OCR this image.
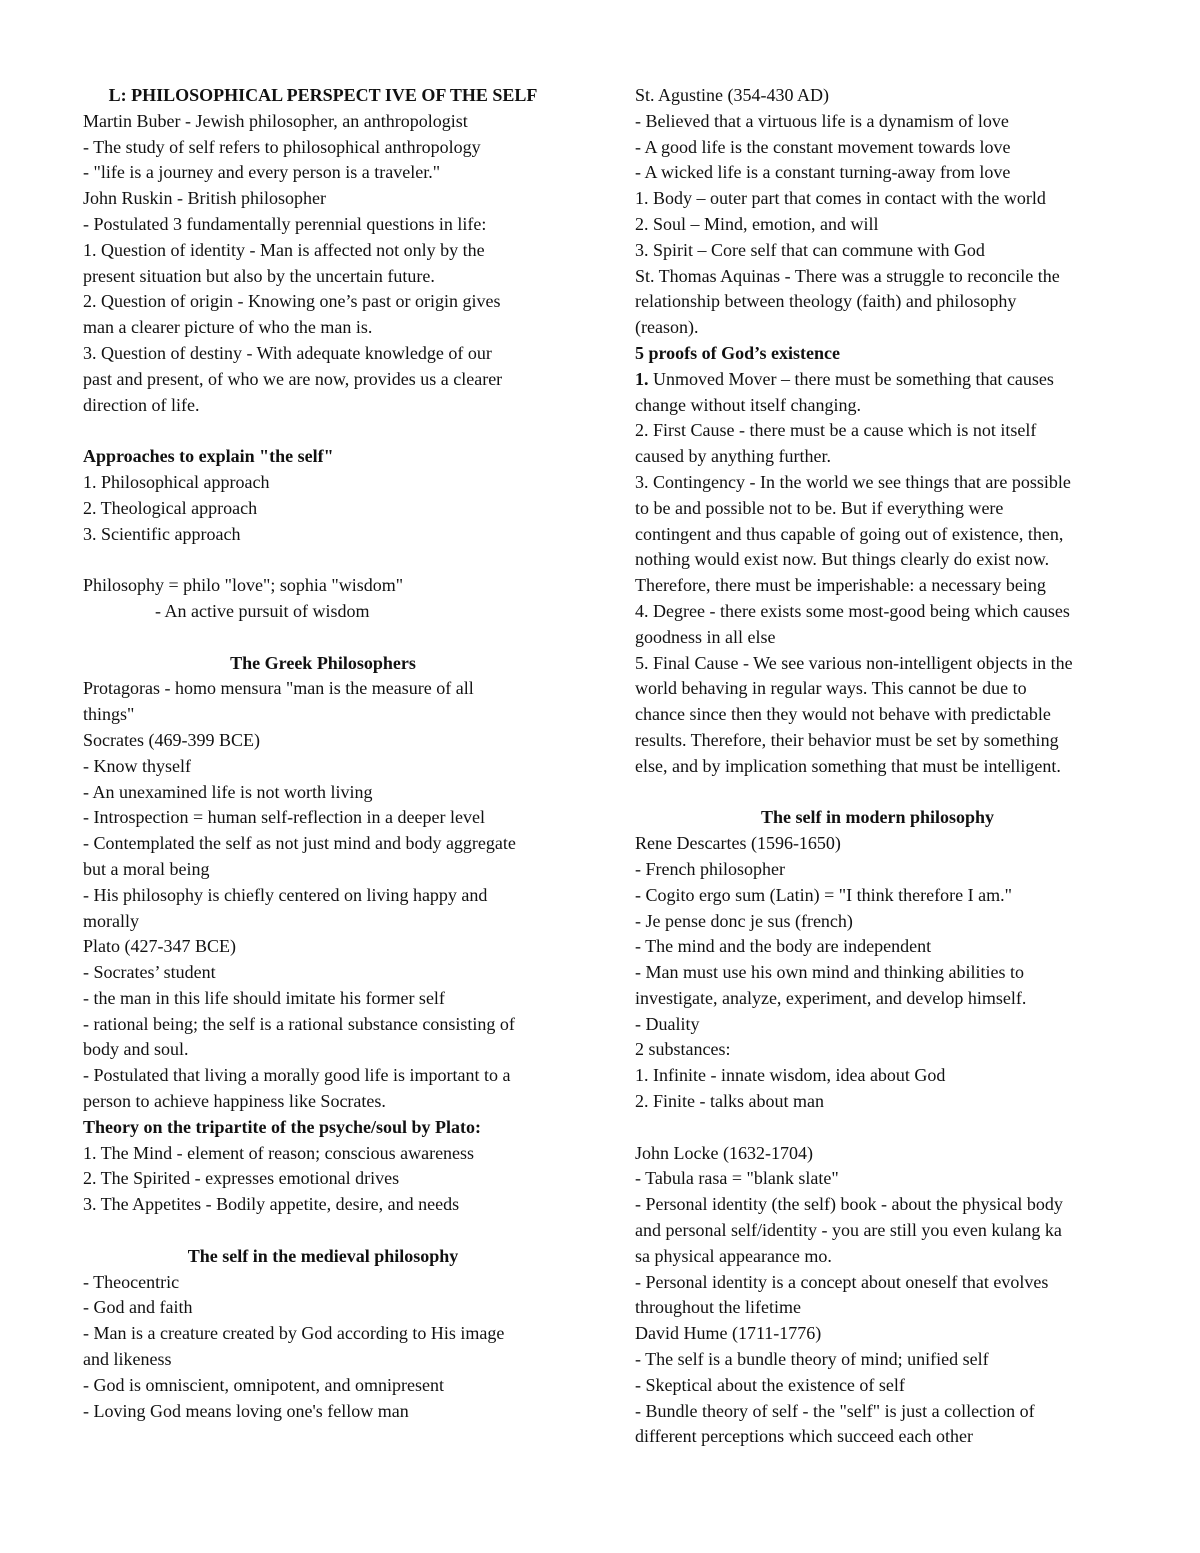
L: PHILOSOPHICAL PERSPECT IVE OF THE SELF
Martin Buber - Jewish philosopher, an anthropologist
- The study of self refers to philosophical anthropology
- "life is a journey and every person is a traveler."
John Ruskin - British philosopher
- Postulated 3 fundamentally perennial questions in life:
1. Question of identity - Man is affected not only by the
present situation but also by the uncertain future.
2. Question of origin - Knowing one’s past or origin gives
man a clearer picture of who the man is.
3. Question of destiny - With adequate knowledge of our
past and present, of who we are now, provides us a clearer
direction of life.
Approaches to explain "the self"
1. Philosophical approach
2. Theological approach
3. Scientific approach
Philosophy = philo "love"; sophia "wisdom"
- An active pursuit of wisdom
The Greek Philosophers
Protagoras - homo mensura "man is the measure of all
things"
Socrates (469-399 BCE)
- Know thyself
- An unexamined life is not worth living
- Introspection = human self-reflection in a deeper level
- Contemplated the self as not just mind and body aggregate
but a moral being
- His philosophy is chiefly centered on living happy and
morally
Plato (427-347 BCE)
- Socrates’ student
- the man in this life should imitate his former self
- rational being; the self is a rational substance consisting of
body and soul.
- Postulated that living a morally good life is important to a
person to achieve happiness like Socrates.
Theory on the tripartite of the psyche/soul by Plato:
1. The Mind - element of reason; conscious awareness
2. The Spirited - expresses emotional drives
3. The Appetites - Bodily appetite, desire, and needs
The self in the medieval philosophy
- Theocentric
- God and faith
- Man is a creature created by God according to His image
and likeness
- God is omniscient, omnipotent, and omnipresent
- Loving God means loving one's fellow man
St. Agustine (354-430 AD)
- Believed that a virtuous life is a dynamism of love
- A good life is the constant movement towards love
- A wicked life is a constant turning-away from love
1. Body – outer part that comes in contact with the world
2. Soul – Mind, emotion, and will
3. Spirit – Core self that can commune with God
St. Thomas Aquinas - There was a struggle to reconcile the
relationship between theology (faith) and philosophy
(reason).
5 proofs of God’s existence
1. Unmoved Mover – there must be something that causes
change without itself changing.
2. First Cause - there must be a cause which is not itself
caused by anything further.
3. Contingency - In the world we see things that are possible
to be and possible not to be. But if everything were
contingent and thus capable of going out of existence, then,
nothing would exist now. But things clearly do exist now.
Therefore, there must be imperishable: a necessary being
4. Degree - there exists some most-good being which causes
goodness in all else
5. Final Cause - We see various non-intelligent objects in the
world behaving in regular ways. This cannot be due to
chance since then they would not behave with predictable
results. Therefore, their behavior must be set by something
else, and by implication something that must be intelligent.
The self in modern philosophy
Rene Descartes (1596-1650)
- French philosopher
- Cogito ergo sum (Latin) = "I think therefore I am."
- Je pense donc je sus (french)
- The mind and the body are independent
- Man must use his own mind and thinking abilities to
investigate, analyze, experiment, and develop himself.
- Duality
2 substances:
1. Infinite - innate wisdom, idea about God
2. Finite - talks about man
John Locke (1632-1704)
- Tabula rasa = "blank slate"
- Personal identity (the self) book - about the physical body
and personal self/identity - you are still you even kulang ka
sa physical appearance mo.
- Personal identity is a concept about oneself that evolves
throughout the lifetime
David Hume (1711-1776)
- The self is a bundle theory of mind; unified self
- Skeptical about the existence of self
- Bundle theory of self - the "self" is just a collection of
different perceptions which succeed each other
